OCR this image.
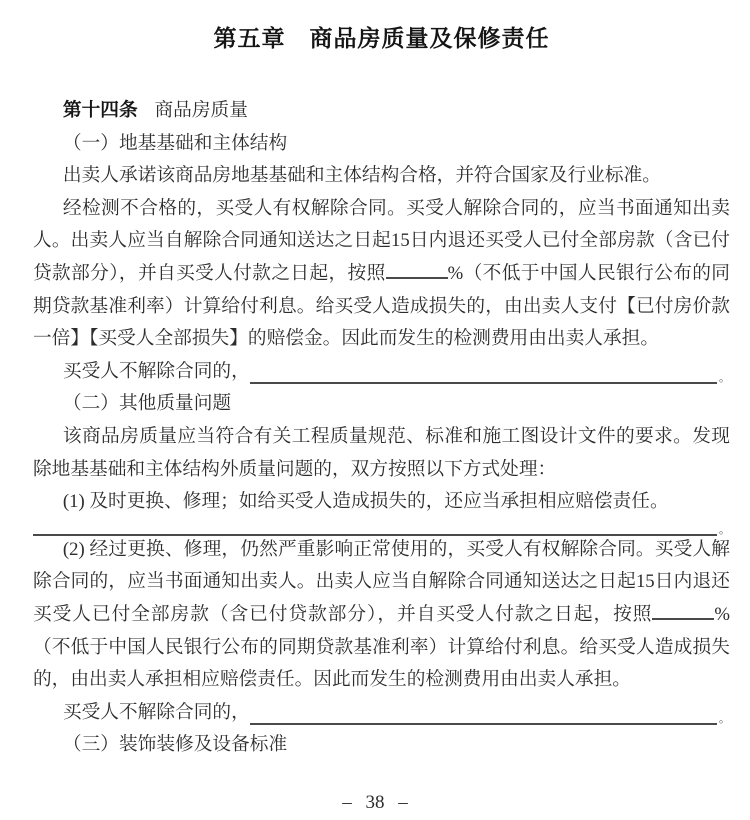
第五章　商品房质量及保修责任

第十四条 商品房质量

（一）地基基础和主体结构

出卖人承诺该商品房地基基础和主体结构合格，并符合国家及行业标准。

经检测不合格的，买受人有权解除合同。买受人解除合同的，应当书面通知出卖人。出卖人应当自解除合同通知送达之日起15日内退还买受人已付全部房款（含已付贷款部分），并自买受人付款之日起，按照	%（不低于中国人民银行公布的同期贷款基准利率）计算给付利息。给买受人造成损失的，由出卖人支付【已付房价款一倍】【买受人全部损失】的赔偿金。因此而发生的检测费用由出卖人承担。

买受人不解除合同的，	。

（二）其他质量问题

该商品房质量应当符合有关工程质量规范、标准和施工图设计文件的要求。发现除地基基础和主体结构外质量问题的，双方按照以下方式处理：

(1) 及时更换、修理；如给买受人造成损失的，还应当承担相应赔偿责任。

。

(2) 经过更换、修理，仍然严重影响正常使用的，买受人有权解除合同。买受人解除合同的，应当书面通知出卖人。出卖人应当自解除合同通知送达之日起15日内退还买受人已付全部房款（含已付贷款部分），并自买受人付款之日起，按照	%（不低于中国人民银行公布的同期贷款基准利率）计算给付利息。给买受人造成损失的，由出卖人承担相应赔偿责任。因此而发生的检测费用由出卖人承担。

买受人不解除合同的，	。

（三）装饰装修及设备标准

– 38 –
